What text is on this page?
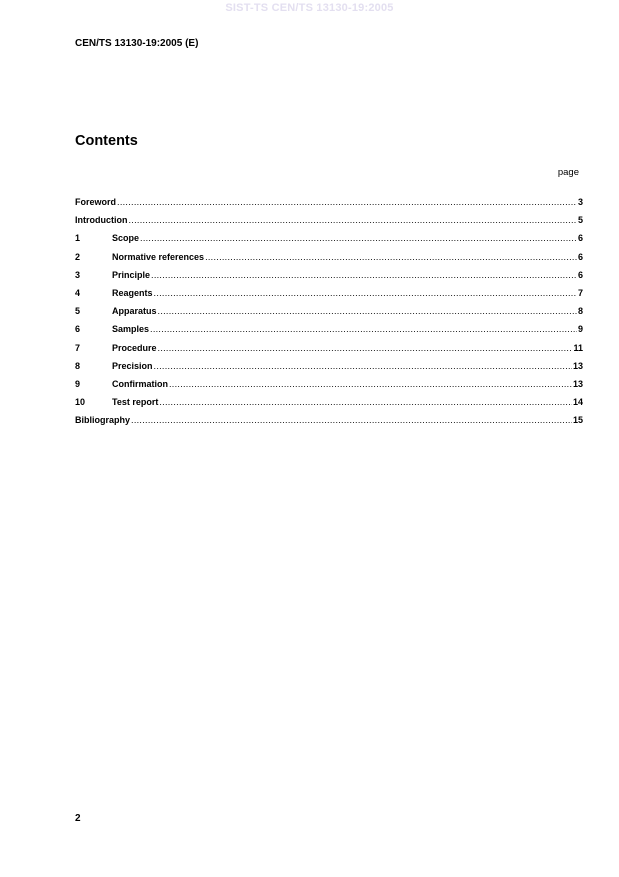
SIST-TS CEN/TS 13130-19:2005
CEN/TS 13130-19:2005 (E)
Contents
page
Foreword .....	3
Introduction .....	5
1	Scope .....	6
2	Normative references .....	6
3	Principle .....	6
4	Reagents .....	7
5	Apparatus .....	8
6	Samples .....	9
7	Procedure .....	11
8	Precision .....	13
9	Confirmation .....	13
10	Test report .....	14
Bibliography .....	15
2
